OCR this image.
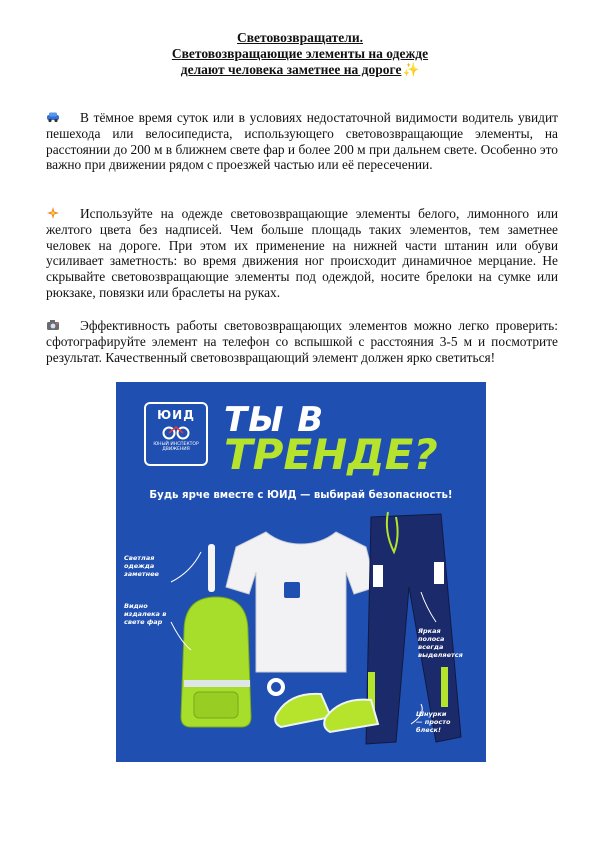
Световозвращатели.
Световозвращающие элементы на одежде
делают человека заметнее на дороге✨
В тёмное время суток или в условиях недостаточной видимости водитель увидит пешехода или велосипедиста, использующего световозвращающие элементы, на расстоянии до 200 м в ближнем свете фар и более 200 м при дальнем свете. Особенно это важно при движении рядом с проезжей частью или её пересечении.
Используйте на одежде световозвращающие элементы белого, лимонного или желтого цвета без надписей. Чем больше площадь таких элементов, тем заметнее человек на дороге. При этом их применение на нижней части штанин или обуви усиливает заметность: во время движения ног происходит динамичное мерцание. Не скрывайте световозвращающие элементы под одеждой, носите брелоки на сумке или рюкзаке, повязки или браслеты на руках.
Эффективность работы световозвращающих элементов можно легко проверить: сфотографируйте элемент на телефон со вспышкой с расстояния 3-5 м и посмотрите результат. Качественный световозвращающий элемент должен ярко светиться!
ЮИД
ЮНЫЙ ИНСПЕКТОР ДВИЖЕНИЯ
ТЫ В
ТРЕНДЕ?
Будь ярче вместе с ЮИД — выбирай безопасность!
Светлая одежда заметнее
Видно издалека в свете фар
Яркая полоса всегда выделяется
Шнурки — просто блеск!
